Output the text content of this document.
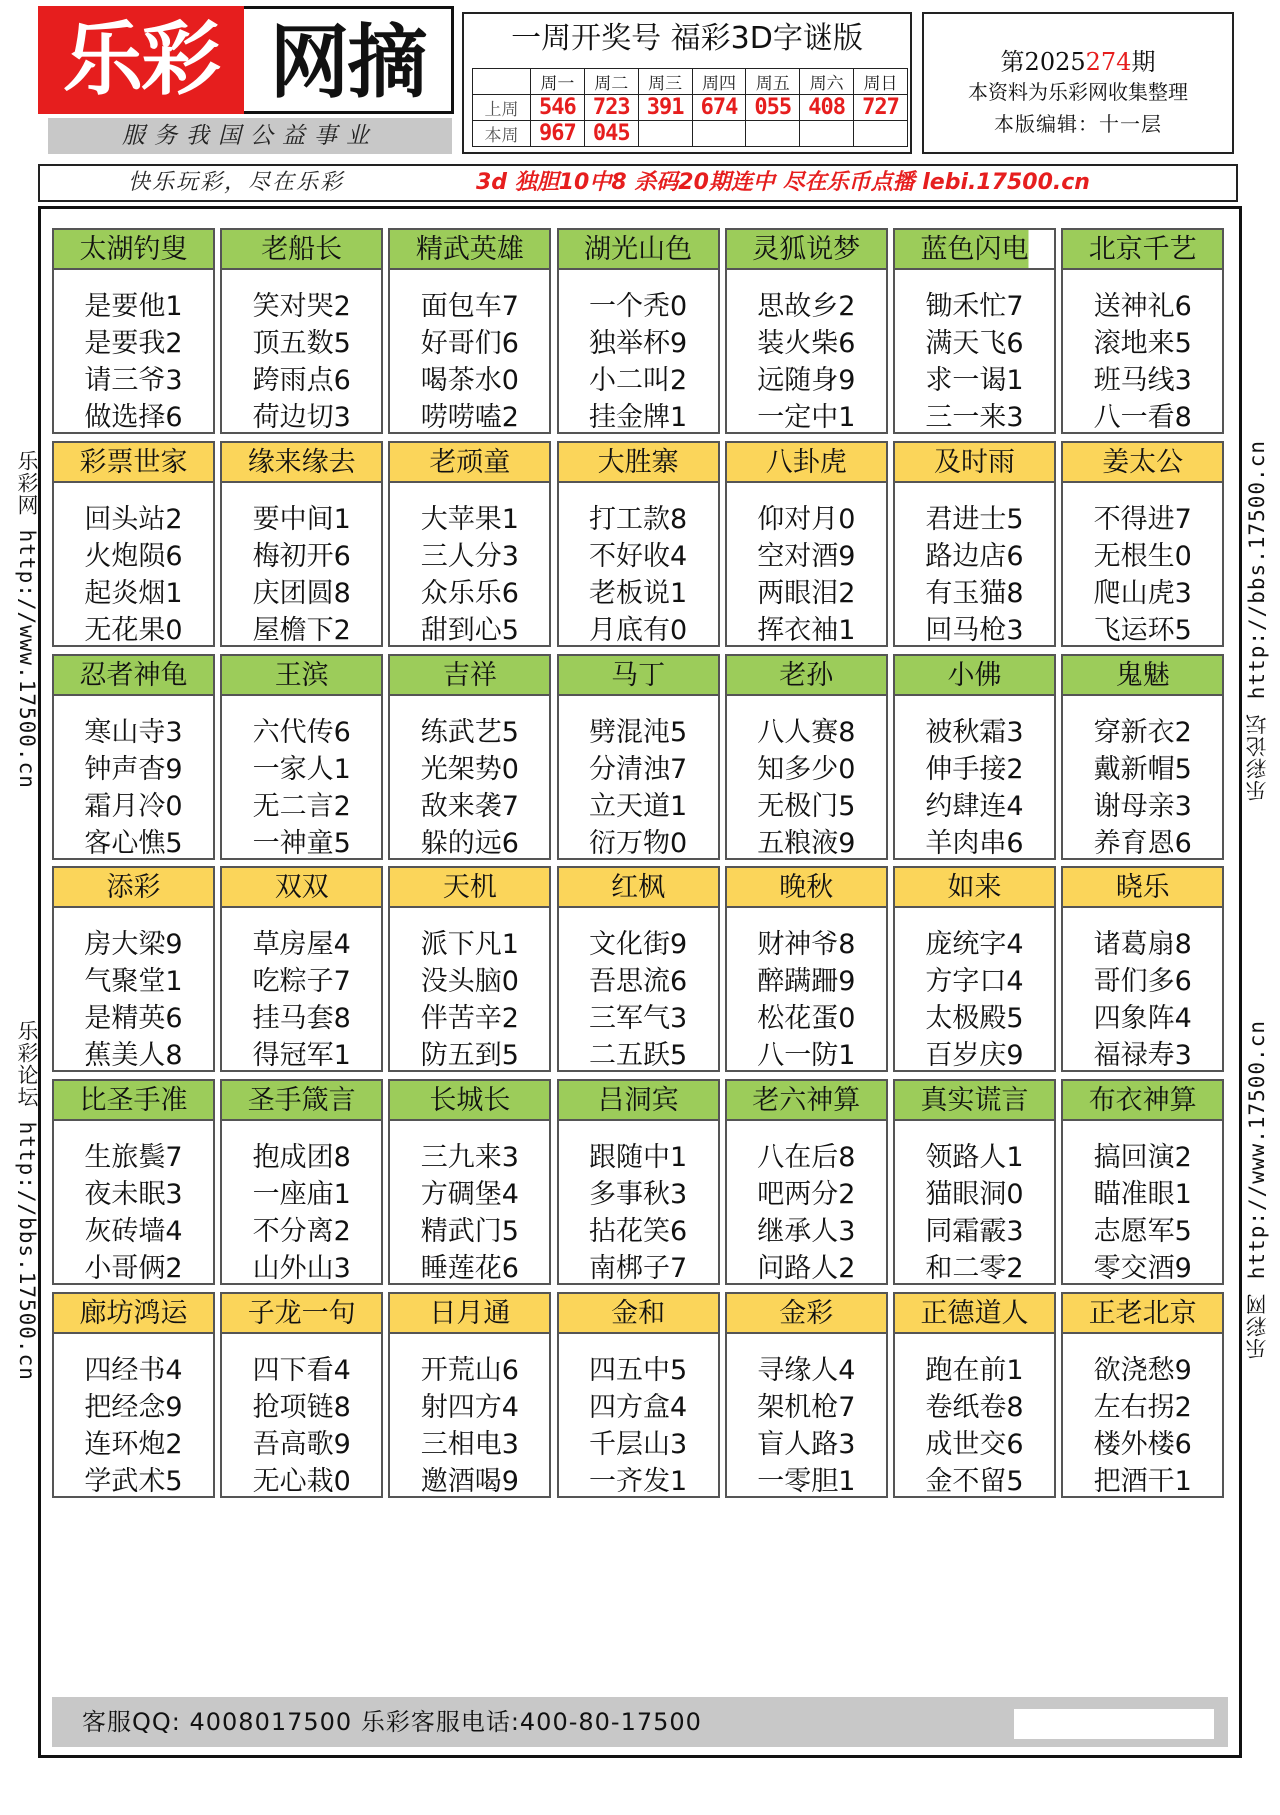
乐彩 网摘
服务我国公益事业
一周开奖号 福彩3D字谜版
	周一	周二	周三	周四	周五	周六	周日
上周	546	723	391	674	055	408	727
本周	967	045					
第2025274期
本资料为乐彩网收集整理
本版编辑：十一层
快乐玩彩，尽在乐彩	3d 独胆10中8 杀码20期连中 尽在乐币点播 lebi.17500.cn
乐彩网 http://www.17500.cn
乐彩论坛 http://bbs.17500.cn
乐彩论坛 http://bbs.17500.cn
乐彩网 http://www.17500.cn
太湖钓叟
是要他1
是要我2
请三爷3
做选择6
老船长
笑对哭2
顶五数5
跨雨点6
荷边切3
精武英雄
面包车7
好哥们6
喝茶水0
唠唠嗑2
湖光山色
一个秃0
独举杯9
小二叫2
挂金牌1
灵狐说梦
思故乡2
装火柴6
远随身9
一定中1
蓝色闪电
锄禾忙7
满天飞6
求一谒1
三一来3
北京千艺
送神礼6
滚地来5
班马线3
八一看8
彩票世家
回头站2
火炮陨6
起炎烟1
无花果0
缘来缘去
要中间1
梅初开6
庆团圆8
屋檐下2
老顽童
大苹果1
三人分3
众乐乐6
甜到心5
大胜寨
打工款8
不好收4
老板说1
月底有0
八卦虎
仰对月0
空对酒9
两眼泪2
挥衣袖1
及时雨
君进士5
路边店6
有玉猫8
回马枪3
姜太公
不得进7
无根生0
爬山虎3
飞运环5
忍者神龟
寒山寺3
钟声杳9
霜月冷0
客心憔5
王滨
六代传6
一家人1
无二言2
一神童5
吉祥
练武艺5
光架势0
敌来袭7
躲的远6
马丁
劈混沌5
分清浊7
立天道1
衍万物0
老孙
八人赛8
知多少0
无极门5
五粮液9
小佛
被秋霜3
伸手接2
约肆连4
羊肉串6
鬼魅
穿新衣2
戴新帽5
谢母亲3
养育恩6
添彩
房大梁9
气聚堂1
是精英6
蕉美人8
双双
草房屋4
吃粽子7
挂马套8
得冠军1
天机
派下凡1
没头脑0
伴苦辛2
防五到5
红枫
文化街9
吾思流6
三军气3
二五跃5
晚秋
财神爷8
醉蹒跚9
松花蛋0
八一防1
如来
庞统字4
方字口4
太极殿5
百岁庆9
晓乐
诸葛扇8
哥们多6
四象阵4
福禄寿3
比圣手准
生旅鬓7
夜未眠3
灰砖墙4
小哥俩2
圣手箴言
抱成团8
一座庙1
不分离2
山外山3
长城长
三九来3
方碉堡4
精武门5
睡莲花6
吕洞宾
跟随中1
多事秋3
拈花笑6
南梆子7
老六神算
八在后8
吧两分2
继承人3
问路人2
真实谎言
领路人1
猫眼洞0
同霜霰3
和二零2
布衣神算
搞回演2
瞄准眼1
志愿军5
零交酒9
廊坊鸿运
四经书4
把经念9
连环炮2
学武术5
子龙一句
四下看4
抢项链8
吾高歌9
无心栽0
日月通
开荒山6
射四方4
三相电3
邀酒喝9
金和
四五中5
四方盒4
千层山3
一齐发1
金彩
寻缘人4
架机枪7
盲人路3
一零胆1
正德道人
跑在前1
卷纸卷8
成世交6
金不留5
正老北京
欲浇愁9
左右拐2
楼外楼6
把酒干1
客服QQ: 4008017500 乐彩客服电话:400-80-17500
